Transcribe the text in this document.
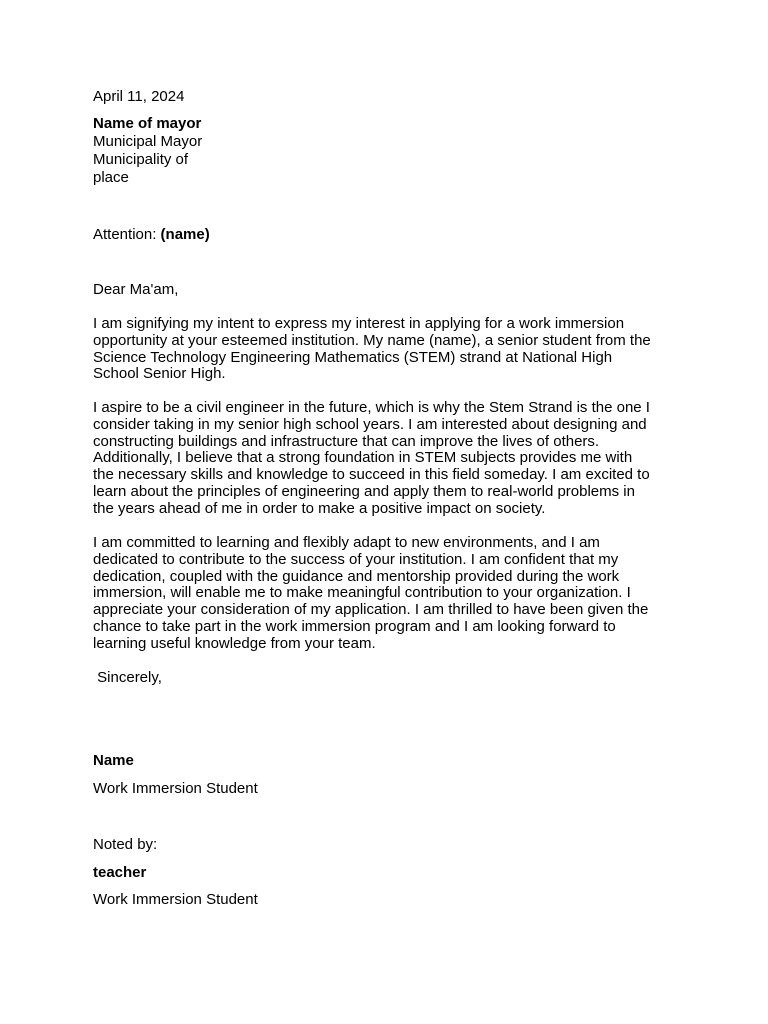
April 11, 2024
Name of mayor
Municipal Mayor
Municipality of
place
Attention: (name)
Dear Ma'am,
I am signifying my intent to express my interest in applying for a work immersion
opportunity at your esteemed institution. My name (name), a senior student from the
Science Technology Engineering Mathematics (STEM) strand at National High
School Senior High.
I aspire to be a civil engineer in the future, which is why the Stem Strand is the one I
consider taking in my senior high school years. I am interested about designing and
constructing buildings and infrastructure that can improve the lives of others.
Additionally, I believe that a strong foundation in STEM subjects provides me with
the necessary skills and knowledge to succeed in this field someday. I am excited to
learn about the principles of engineering and apply them to real-world problems in
the years ahead of me in order to make a positive impact on society.
I am committed to learning and flexibly adapt to new environments, and I am
dedicated to contribute to the success of your institution. I am confident that my
dedication, coupled with the guidance and mentorship provided during the work
immersion, will enable me to make meaningful contribution to your organization. I
appreciate your consideration of my application. I am thrilled to have been given the
chance to take part in the work immersion program and I am looking forward to
learning useful knowledge from your team.
Sincerely,
Name
Work Immersion Student
Noted by:
teacher
Work Immersion Student
